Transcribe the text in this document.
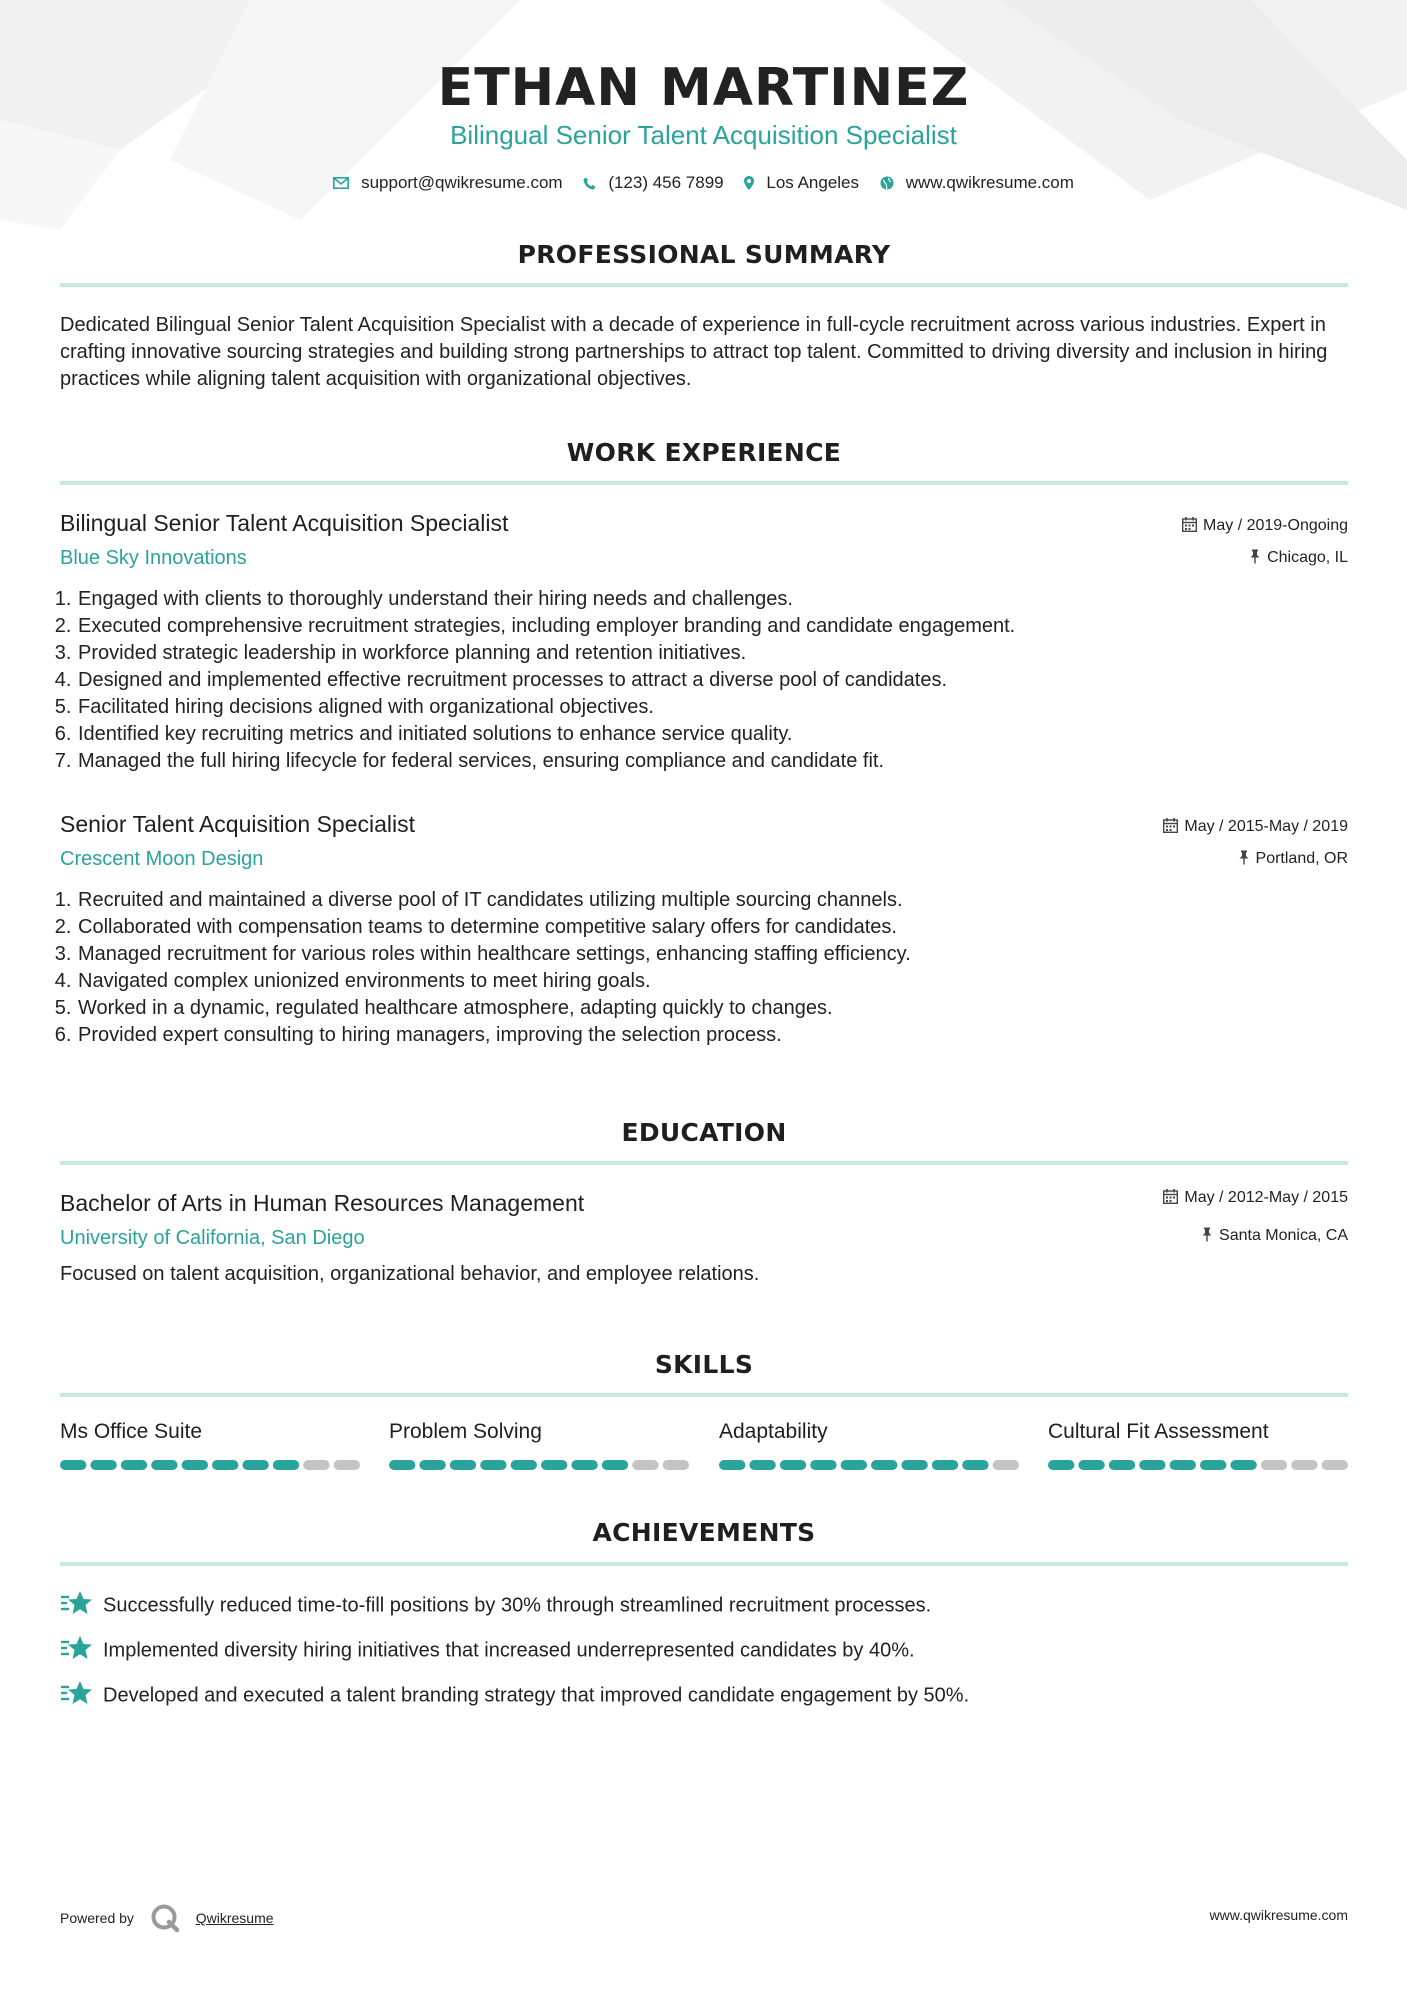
ETHAN MARTINEZ
Bilingual Senior Talent Acquisition Specialist
support@qwikresume.com	(123) 456 7899	Los Angeles	www.qwikresume.com
PROFESSIONAL SUMMARY
Dedicated Bilingual Senior Talent Acquisition Specialist with a decade of experience in full-cycle recruitment across various industries. Expert in crafting innovative sourcing strategies and building strong partnerships to attract top talent. Committed to driving diversity and inclusion in hiring practices while aligning talent acquisition with organizational objectives.
WORK EXPERIENCE
Bilingual Senior Talent Acquisition Specialist
Blue Sky Innovations
May / 2019-Ongoing
Chicago, IL
1. Engaged with clients to thoroughly understand their hiring needs and challenges.
2. Executed comprehensive recruitment strategies, including employer branding and candidate engagement.
3. Provided strategic leadership in workforce planning and retention initiatives.
4. Designed and implemented effective recruitment processes to attract a diverse pool of candidates.
5. Facilitated hiring decisions aligned with organizational objectives.
6. Identified key recruiting metrics and initiated solutions to enhance service quality.
7. Managed the full hiring lifecycle for federal services, ensuring compliance and candidate fit.
Senior Talent Acquisition Specialist
Crescent Moon Design
May / 2015-May / 2019
Portland, OR
1. Recruited and maintained a diverse pool of IT candidates utilizing multiple sourcing channels.
2. Collaborated with compensation teams to determine competitive salary offers for candidates.
3. Managed recruitment for various roles within healthcare settings, enhancing staffing efficiency.
4. Navigated complex unionized environments to meet hiring goals.
5. Worked in a dynamic, regulated healthcare atmosphere, adapting quickly to changes.
6. Provided expert consulting to hiring managers, improving the selection process.
EDUCATION
Bachelor of Arts in Human Resources Management
University of California, San Diego
May / 2012-May / 2015
Santa Monica, CA
Focused on talent acquisition, organizational behavior, and employee relations.
SKILLS
Ms Office Suite	Problem Solving	Adaptability	Cultural Fit Assessment
ACHIEVEMENTS
Successfully reduced time-to-fill positions by 30% through streamlined recruitment processes.
Implemented diversity hiring initiatives that increased underrepresented candidates by 40%.
Developed and executed a talent branding strategy that improved candidate engagement by 50%.
Powered by	Qwikresume	www.qwikresume.com
